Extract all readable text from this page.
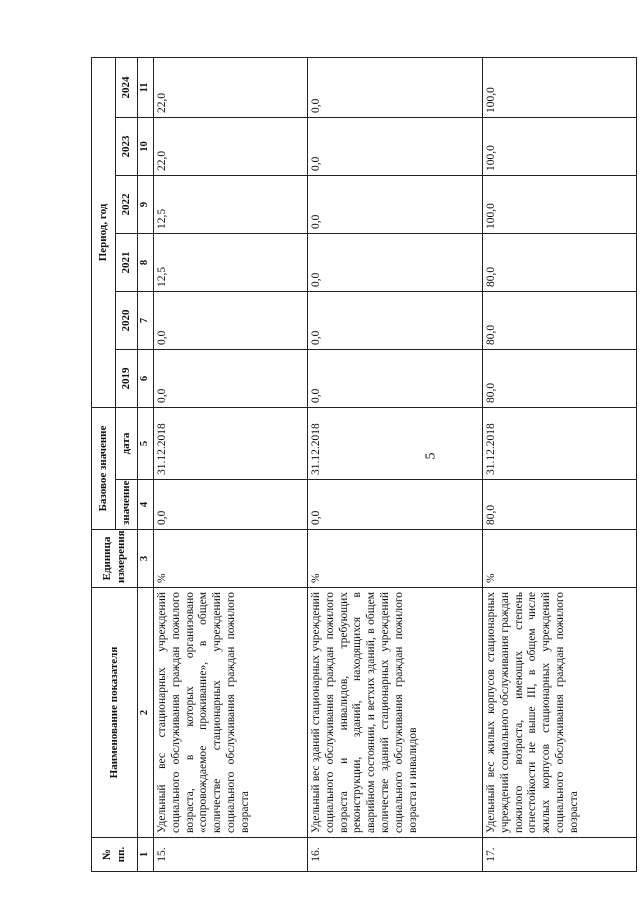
5
№
пп.	Наименование показателя	Единица измерения	Базовое значение		Период, год					
			значение	дата	2019	2020	2021	2022	2023	2024
1	2	3	4	5	6	7	8	9	10	11
15.	Удельный вес стационарных учреждений социального обслуживания граждан пожилого возраста, в которых организовано «сопровождаемое проживание», в общем количестве стационарных учреждений социального обслуживания граждан пожилого возраста	%	0,0	31.12.2018	0,0	0,0	12,5	12,5	22,0	22,0
16.	Удельный вес зданий стационарных учреждений социального обслуживания граждан пожилого возраста и инвалидов, требующих реконструкции, зданий, находящихся в аварийном состоянии, и ветхих зданий, в общем количестве зданий стационарных учреждений социального обслуживания граждан пожилого возраста и инвалидов	%	0,0	31.12.2018	0,0	0,0	0,0	0,0	0,0	0,0
17.	Удельный вес жилых корпусов стационарных учреждений социального обслуживания граждан пожилого возраста, имеющих степень огнестойкости не выше III, в общем числе жилых корпусов стационарных учреждений социального обслуживания граждан пожилого возраста	%	80,0	31.12.2018	80,0	80,0	80,0	100,0	100,0	100,0
